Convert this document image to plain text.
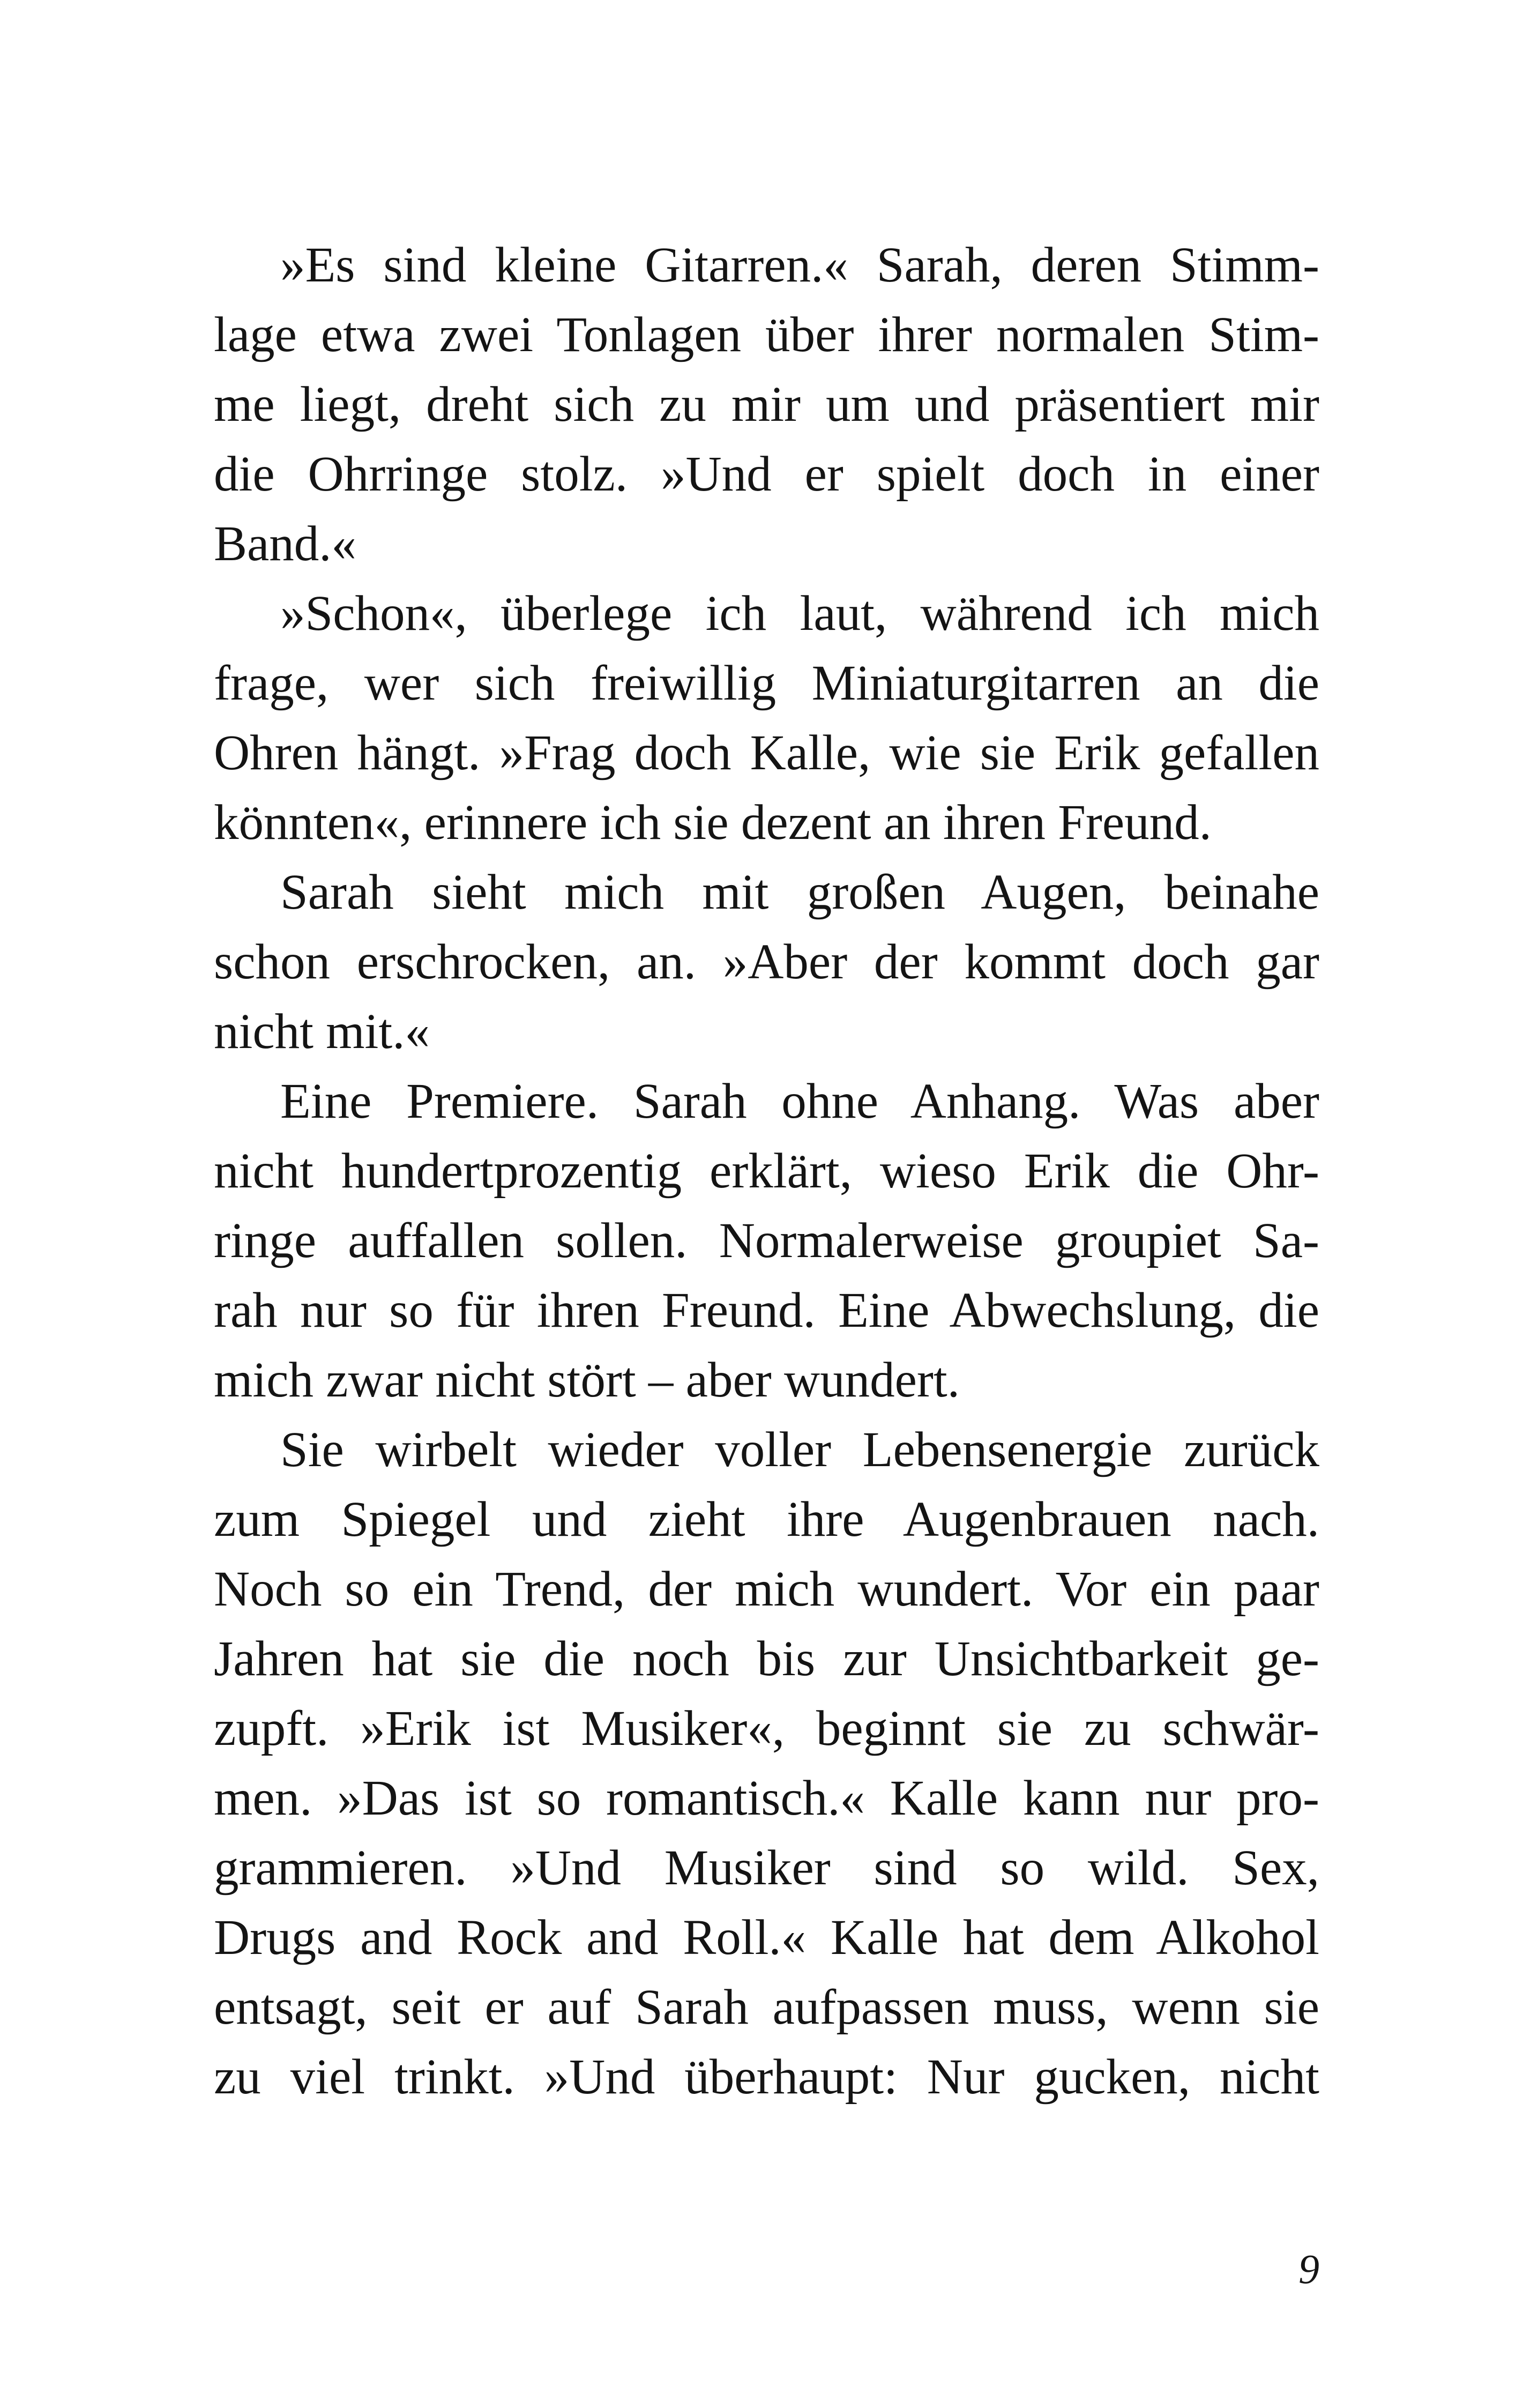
»Es sind kleine Gitarren.« Sarah, deren Stimm-
lage etwa zwei Tonlagen über ihrer normalen Stim-
me liegt, dreht sich zu mir um und präsentiert mir
die Ohrringe stolz. »Und er spielt doch in einer
Band.«
»Schon«, überlege ich laut, während ich mich
frage, wer sich freiwillig Miniaturgitarren an die
Ohren hängt. »Frag doch Kalle, wie sie Erik gefallen
könnten«, erinnere ich sie dezent an ihren Freund.
Sarah sieht mich mit großen Augen, beinahe
schon erschrocken, an. »Aber der kommt doch gar
nicht mit.«
Eine Premiere. Sarah ohne Anhang. Was aber
nicht hundertprozentig erklärt, wieso Erik die Ohr-
ringe auffallen sollen. Normalerweise groupiet Sa-
rah nur so für ihren Freund. Eine Abwechslung, die
mich zwar nicht stört – aber wundert.
Sie wirbelt wieder voller Lebensenergie zurück
zum Spiegel und zieht ihre Augenbrauen nach.
Noch so ein Trend, der mich wundert. Vor ein paar
Jahren hat sie die noch bis zur Unsichtbarkeit ge-
zupft. »Erik ist Musiker«, beginnt sie zu schwär-
men. »Das ist so romantisch.« Kalle kann nur pro-
grammieren. »Und Musiker sind so wild. Sex,
Drugs and Rock and Roll.« Kalle hat dem Alkohol
entsagt, seit er auf Sarah aufpassen muss, wenn sie
zu viel trinkt. »Und überhaupt: Nur gucken, nicht
9
